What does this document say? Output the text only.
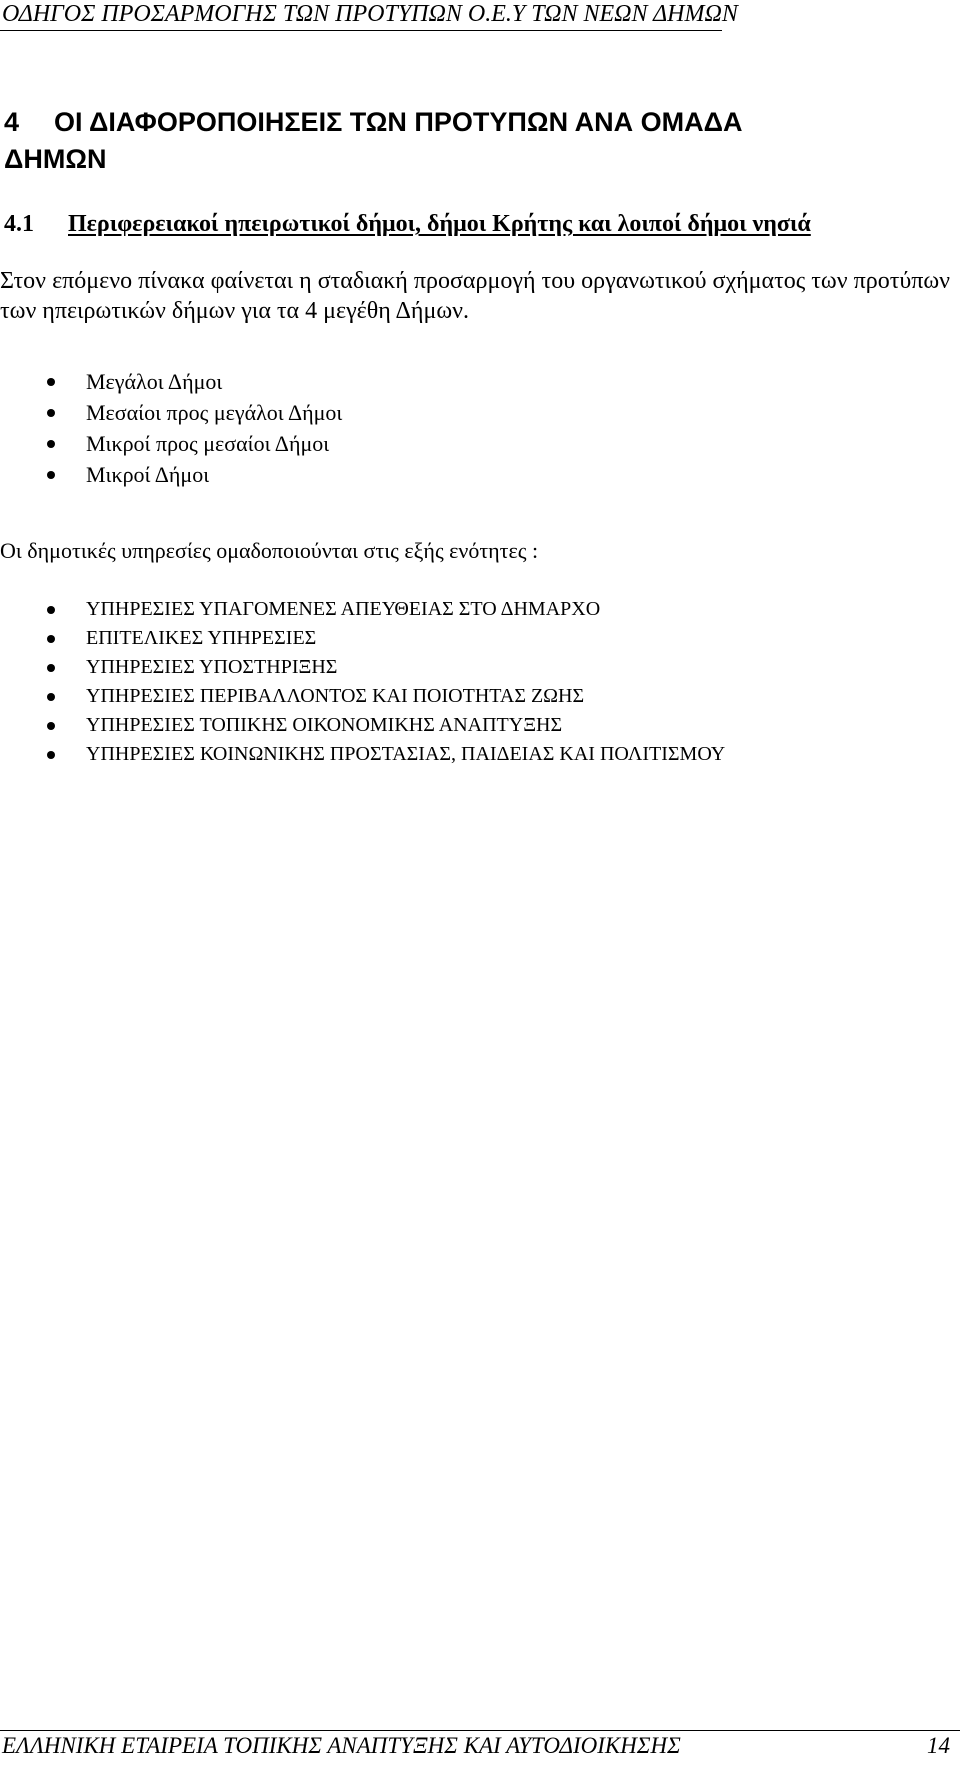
ΟΔΗΓΟΣ ΠΡΟΣΑΡΜΟΓΗΣ ΤΩΝ ΠΡΟΤΥΠΩΝ Ο.Ε.Υ ΤΩΝ ΝΕΩΝ ΔΗΜΩΝ
4 ΟΙ ΔΙΑΦΟΡΟΠΟΙΗΣΕΙΣ ΤΩΝ ΠΡΟΤΥΠΩΝ ΑΝΑ ΟΜΑΔΑ
ΔΗΜΩΝ
4.1 Περιφερειακοί ηπειρωτικοί δήμοι, δήμοι Κρήτης και λοιποί δήμοι νησιά

Στον επόμενο πίνακα φαίνεται η σταδιακή προσαρμογή του οργανωτικού σχήματος των προτύπων των ηπειρωτικών δήμων για τα 4 μεγέθη Δήμων.

Μεγάλοι Δήμοι
Μεσαίοι προς μεγάλοι Δήμοι
Μικροί προς μεσαίοι Δήμοι
Μικροί Δήμοι
Οι δημοτικές υπηρεσίες ομαδοποιούνται στις εξής ενότητες :
ΥΠΗΡΕΣΙΕΣ ΥΠΑΓΟΜΕΝΕΣ ΑΠΕΥΘΕΙΑΣ ΣΤΟ ΔΗΜΑΡΧΟ
ΕΠΙΤΕΛΙΚΕΣ ΥΠΗΡΕΣΙΕΣ
ΥΠΗΡΕΣΙΕΣ ΥΠΟΣΤΗΡΙΞΗΣ
ΥΠΗΡΕΣΙΕΣ ΠΕΡΙΒΑΛΛΟΝΤΟΣ ΚΑΙ ΠΟΙΟΤΗΤΑΣ ΖΩΗΣ
ΥΠΗΡΕΣΙΕΣ ΤΟΠΙΚΗΣ ΟΙΚΟΝΟΜΙΚΗΣ ΑΝΑΠΤΥΞΗΣ
ΥΠΗΡΕΣΙΕΣ ΚΟΙΝΩΝΙΚΗΣ ΠΡΟΣΤΑΣΙΑΣ, ΠΑΙΔΕΙΑΣ ΚΑΙ ΠΟΛΙΤΙΣΜΟΥ
ΕΛΛΗΝΙΚΗ ΕΤΑΙΡΕΙΑ ΤΟΠΙΚΗΣ ΑΝΑΠΤΥΞΗΣ ΚΑΙ ΑΥΤΟΔΙΟΙΚΗΣΗΣ	14
